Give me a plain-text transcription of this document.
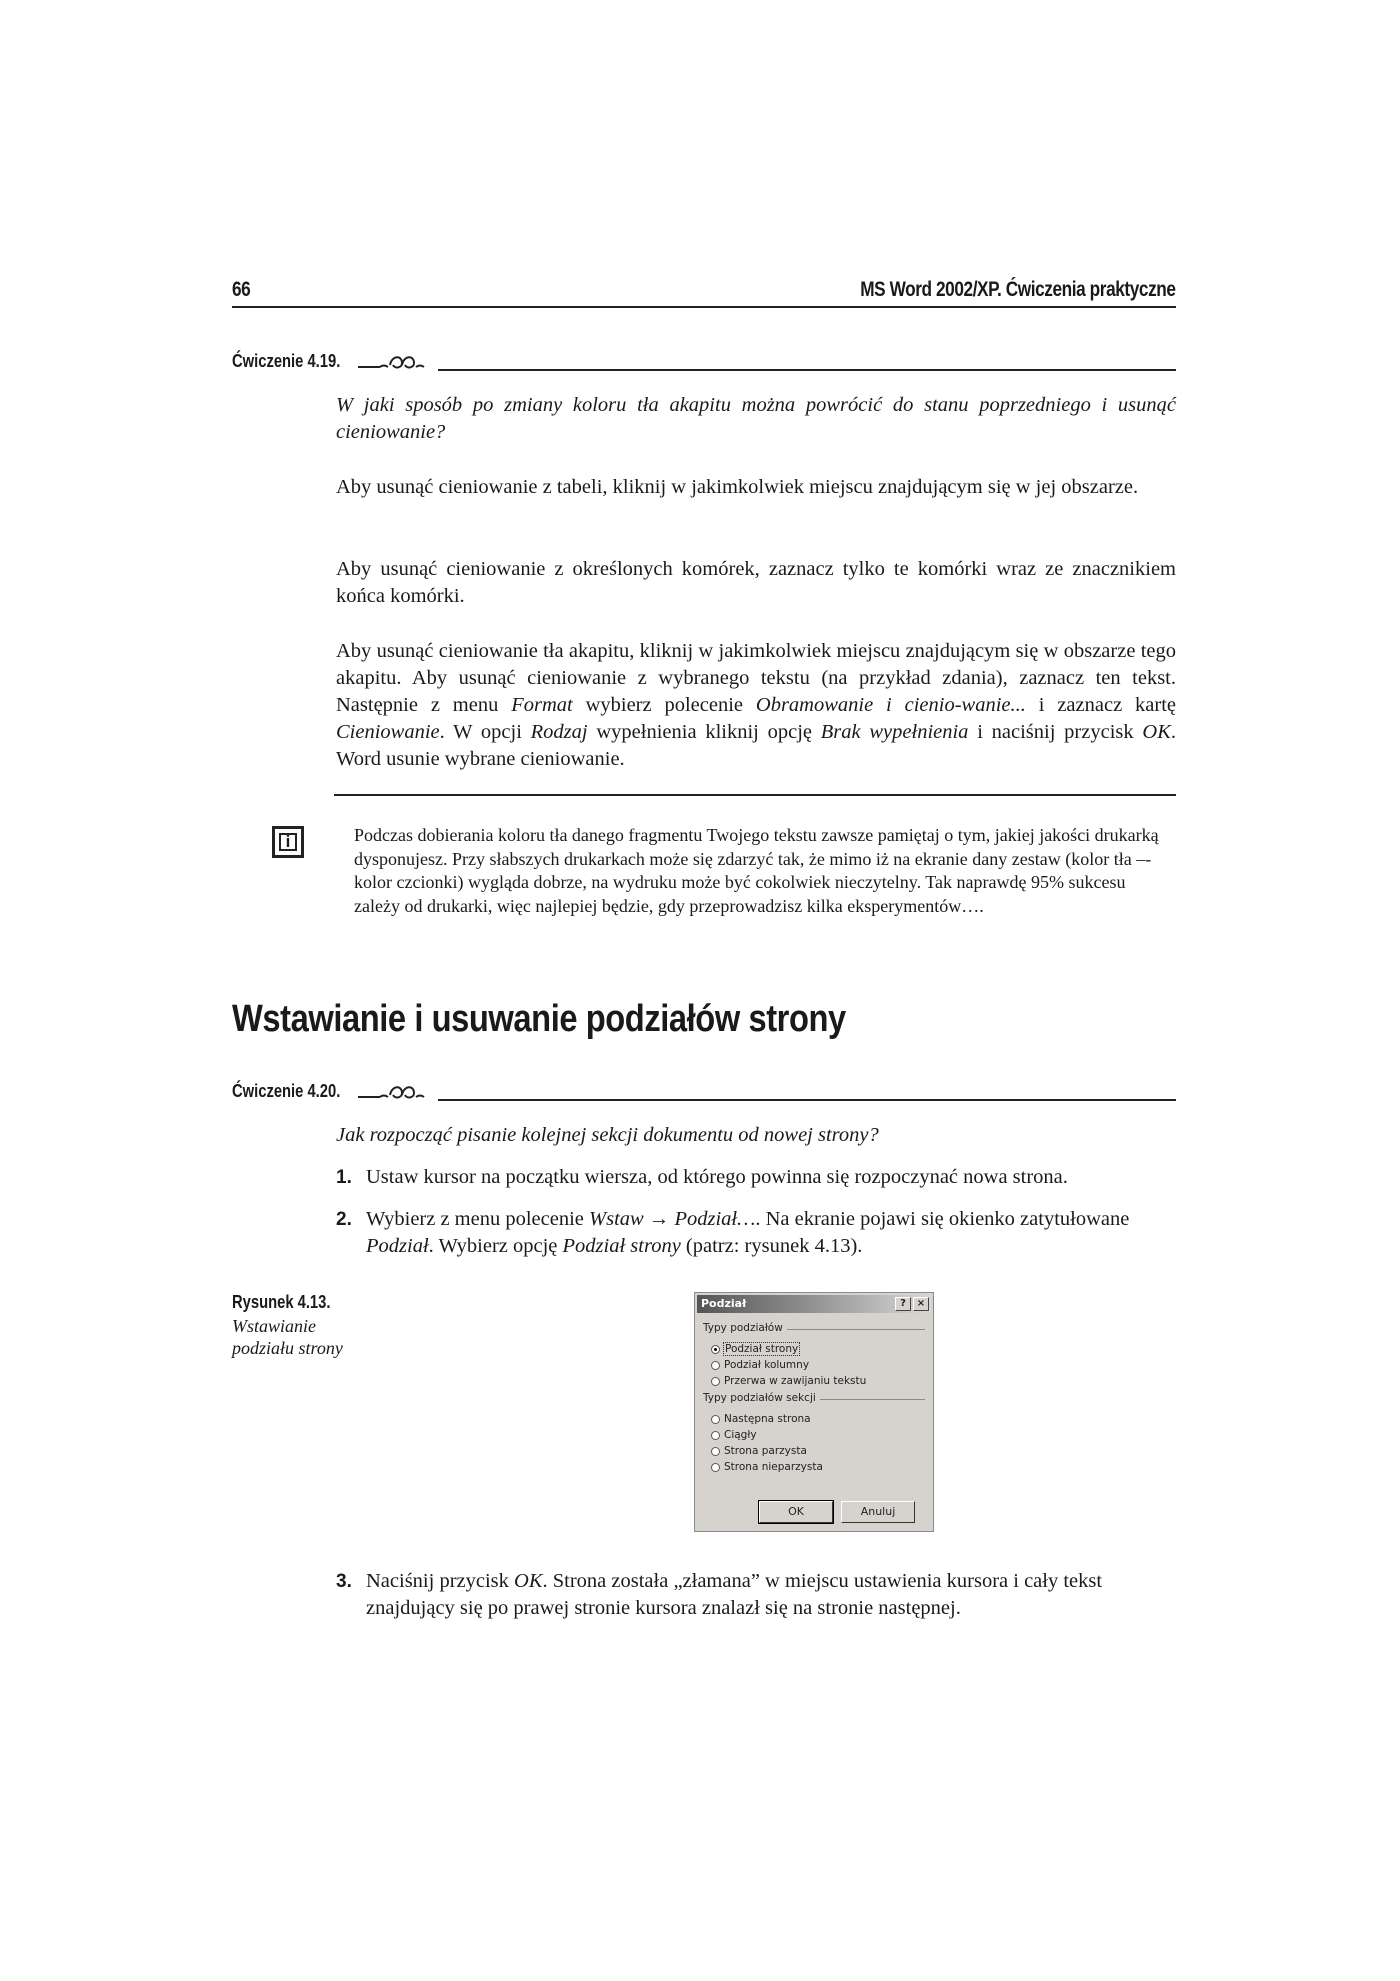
66	MS Word 2002/XP. Ćwiczenia praktyczne
Ćwiczenie 4.19.

W jaki sposób po zmiany koloru tła akapitu można powrócić do stanu poprzedniego i usunąć cieniowanie?

Aby usunąć cieniowanie z tabeli, kliknij w jakimkolwiek miejscu znajdującym się w jej obszarze.

Aby usunąć cieniowanie z określonych komórek, zaznacz tylko te komórki wraz ze znacznikiem końca komórki.

Aby usunąć cieniowanie tła akapitu, kliknij w jakimkolwiek miejscu znajdującym się w obszarze tego akapitu. Aby usunąć cieniowanie z wybranego tekstu (na przykład zdania), zaznacz ten tekst. Następnie z menu Format wybierz polecenie Obramowanie i cienio-wanie... i zaznacz kartę Cieniowanie. W opcji Rodzaj wypełnienia kliknij opcję Brak wypełnienia i naciśnij przycisk OK. Word usunie wybrane cieniowanie.

i	Podczas dobierania koloru tła danego fragmentu Twojego tekstu zawsze pamiętaj o tym, jakiej jakości drukarką dysponujesz. Przy słabszych drukarkach może się zdarzyć tak, że mimo iż na ekranie dany zestaw (kolor tła –- kolor czcionki) wygląda dobrze, na wydruku może być cokolwiek nieczytelny. Tak naprawdę 95% sukcesu zależy od drukarki, więc najlepiej będzie, gdy przeprowadzisz kilka eksperymentów….

Wstawianie i usuwanie podziałów strony
Ćwiczenie 4.20.

Jak rozpocząć pisanie kolejnej sekcji dokumentu od nowej strony?

1. Ustaw kursor na początku wiersza, od którego powinna się rozpoczynać nowa strona.
2. Wybierz z menu polecenie Wstaw → Podział…. Na ekranie pojawi się okienko zatytułowane Podział. Wybierz opcję Podział strony (patrz: rysunek 4.13).
Rysunek 4.13.
Wstawianie podziału strony
Podział	?	×
Typy podziałów
Podział strony
Podział kolumny
Przerwa w zawijaniu tekstu
Typy podziałów sekcji
Następna strona
Ciągły
Strona parzysta
Strona nieparzysta
OK	Anuluj
3. Naciśnij przycisk OK. Strona została „złamana” w miejscu ustawienia kursora i cały tekst znajdujący się po prawej stronie kursora znalazł się na stronie następnej.
